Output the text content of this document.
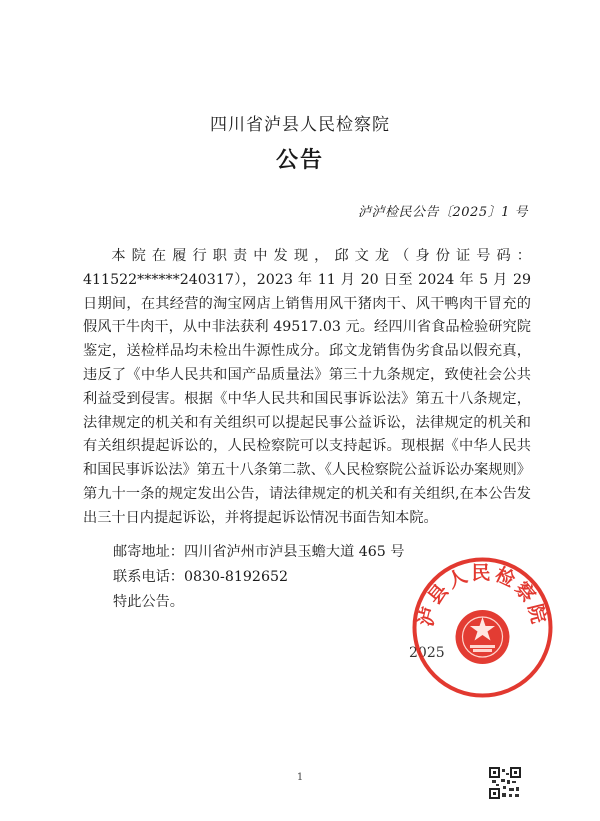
四川省泸县人民检察院
公告
泸泸检民公告〔2025〕1 号

本院在履行职责中发现，邱文龙（身份证号码：411522******240317），2023 年 11 月 20 日至 2024 年 5 月 29 日期间，在其经营的淘宝网店上销售用风干猪肉干、风干鸭肉干冒充的假风干牛肉干，从中非法获利 49517.03 元。经四川省食品检验研究院鉴定，送检样品均未检出牛源性成分。邱文龙销售伪劣食品以假充真，违反了《中华人民共和国产品质量法》第三十九条规定，致使社会公共利益受到侵害。根据《中华人民共和国民事诉讼法》第五十八条规定，法律规定的机关和有关组织可以提起民事公益诉讼，法律规定的机关和有关组织提起诉讼的，人民检察院可以支持起诉。现根据《中华人民共和国民事诉讼法》第五十八条第二款、《人民检察院公益诉讼办案规则》第九十一条的规定发出公告，请法律规定的机关和有关组织,在本公告发出三十日内提起诉讼，并将提起诉讼情况书面告知本院。

邮寄地址：四川省泸州市泸县玉蟾大道 465 号
联系电话：0830-8192652
特此公告。
2025
泸县人民检察院
1
